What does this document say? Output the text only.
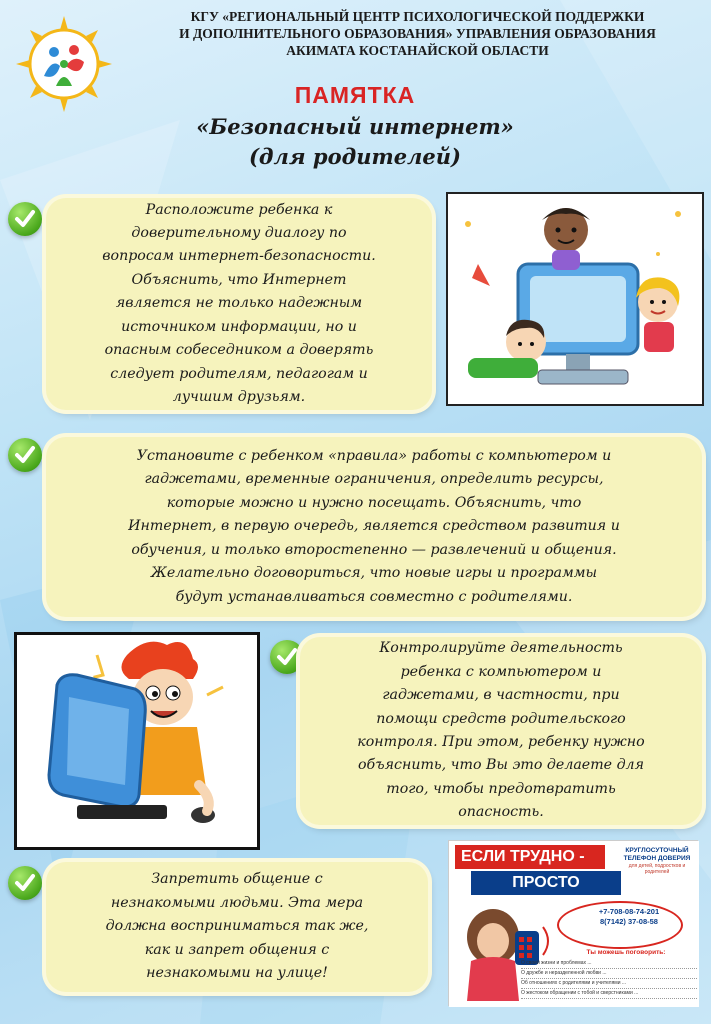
КГУ «РЕГИОНАЛЬНЫЙ ЦЕНТР ПСИХОЛОГИЧЕСКОЙ ПОДДЕРЖКИ
И ДОПОЛНИТЕЛЬНОГО ОБРАЗОВАНИЯ» УПРАВЛЕНИЯ ОБРАЗОВАНИЯ
АКИМАТА КОСТАНАЙСКОЙ ОБЛАСТИ
ПАМЯТКА
«Безопасный интернет»
(для родителей)
Расположите ребенка к
доверительному диалогу по
вопросам интернет-безопасности.
Объяснить, что Интернет
является не только надежным
источником информации, но и
опасным собеседником а доверять
следует родителям, педагогам и
лучшим друзьям.
Установите с ребенком «правила» работы с компьютером и
гаджетами, временные ограничения, определить ресурсы,
которые можно и нужно посещать. Объяснить, что
Интернет, в первую очередь, является средством развития и
обучения, и только второстепенно — развлечений и общения.
Желательно договориться, что новые игры и программы
будут устанавливаться совместно с родителями.
Контролируйте деятельность
ребенка с компьютером и
гаджетами, в частности, при
помощи средств родительского
контроля. При этом, ребенку нужно
объяснить, что Вы это делаете для
того, чтобы предотвратить
опасность.
Запретить общение с
незнакомыми людьми. Эта мера
должна восприниматься так же,
как и запрет общения с
незнакомыми на улице!
ЕСЛИ ТРУДНО -
ПРОСТО ПОЗВОНИ
КРУГЛОСУТОЧНЫЙ ТЕЛЕФОН ДОВЕРИЯ
для детей, подростков и родителей
+7-708-08-74-201
8(7142) 37-08-58
Ты можешь поговорить:
О своей жизни и проблемах ...
О дружбе и неразделенной любви ...
Об отношениях с родителями и учителями ...
О жестоком обращении с тобой и сверстниками ...
